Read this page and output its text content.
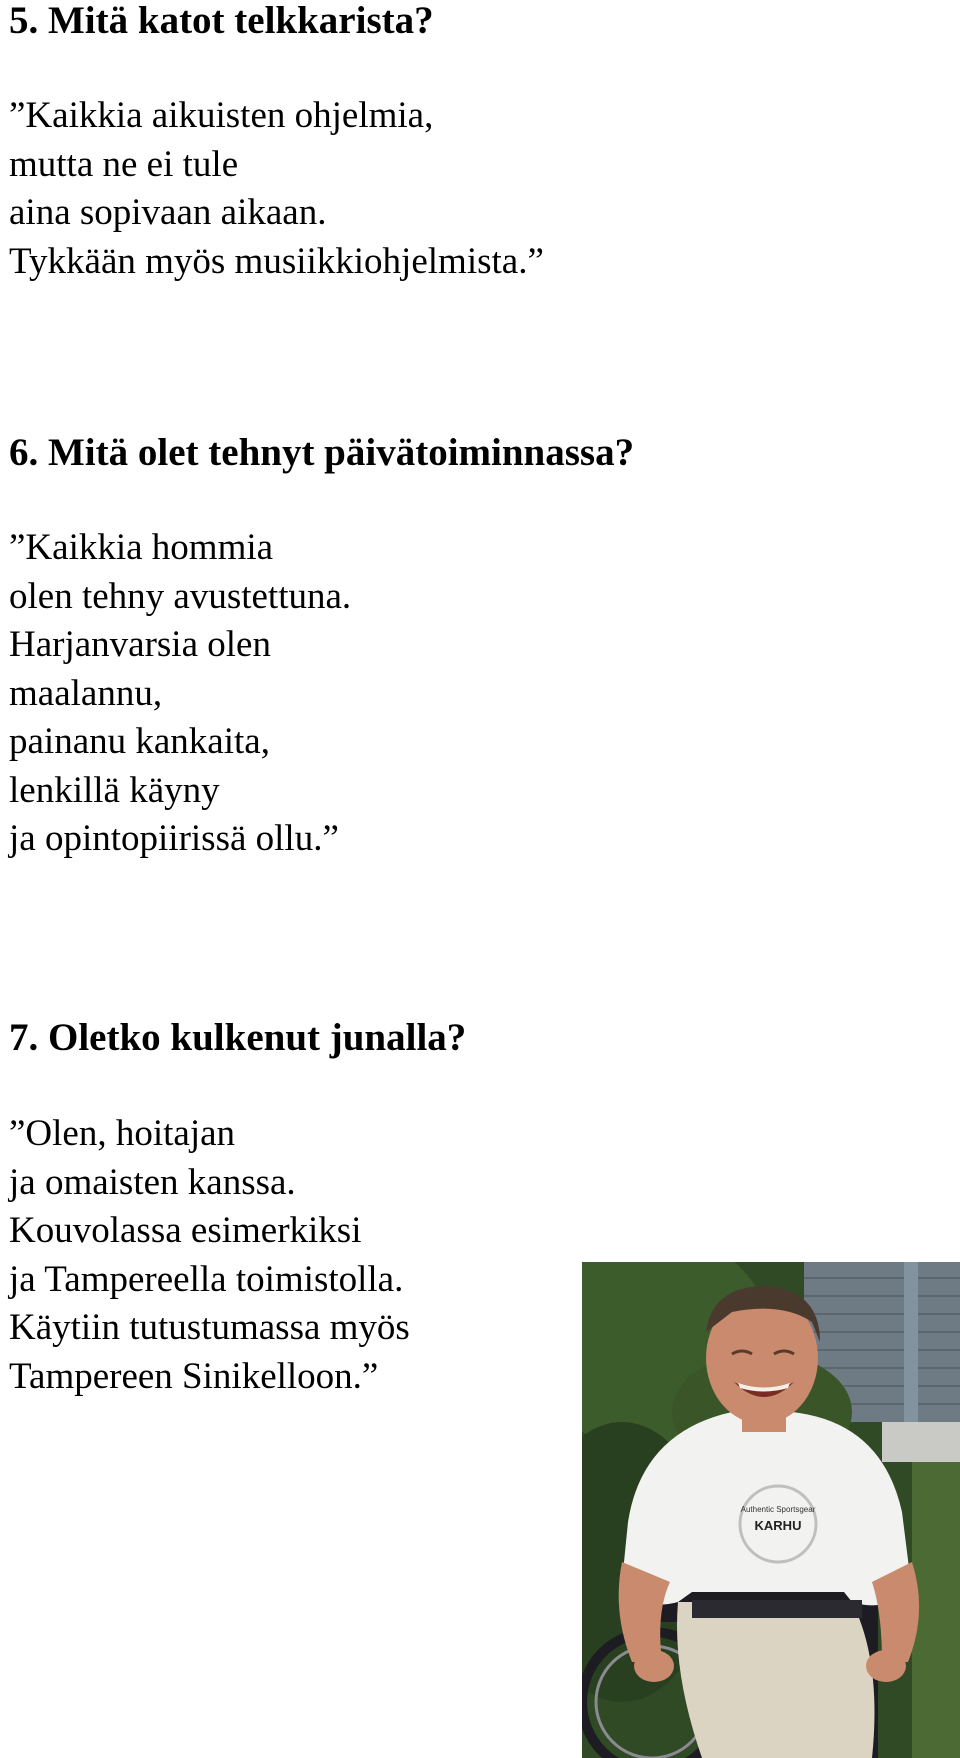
5. Mitä katot telkkarista?
”Kaikkia aikuisten ohjelmia,
mutta ne ei tule
aina sopivaan aikaan.
Tykkään myös musiikkiohjelmista.”
6. Mitä olet tehnyt päivätoiminnassa?
”Kaikkia hommia
olen tehny avustettuna.
Harjanvarsia olen
maalannu,
painanu kankaita,
lenkillä käyny
ja opintopiirissä ollu.”
7. Oletko kulkenut junalla?
”Olen, hoitajan
ja omaisten kanssa.
Kouvolassa esimerkiksi
ja Tampereella toimistolla.
Käytiin tutustumassa myös
Tampereen Sinikelloon.”
Authentic Sportsgear
KARHU
